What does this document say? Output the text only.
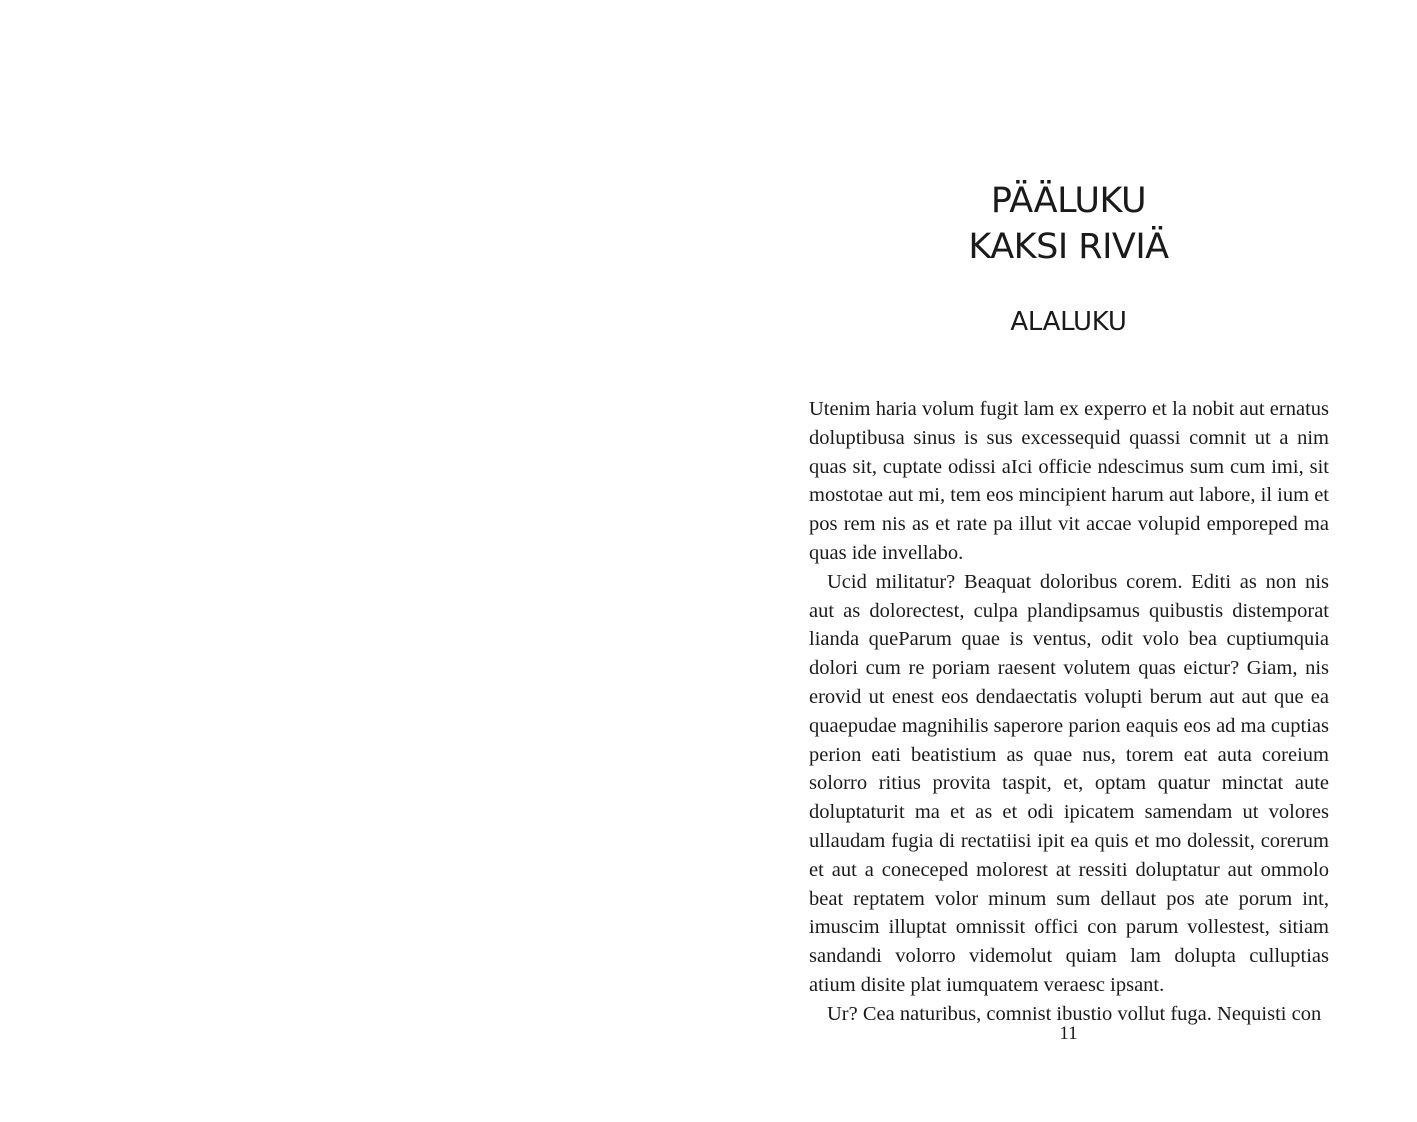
PÄÄLUKU
KAKSI RIVIÄ
ALALUKU

Utenim haria volum fugit lam ex experro et la nobit aut ernatus doluptibusa sinus is sus excessequid quassi comnit ut a nim quas sit, cuptate odissi aIci officie ndescimus sum cum imi, sit mostotae aut mi, tem eos mincipient harum aut labore, il ium et pos rem nis as et rate pa illut vit accae volupid emporeped ma quas ide invellabo.

Ucid militatur? Beaquat doloribus corem. Editi as non nis aut as dolorectest, culpa plandipsamus quibustis distemporat lianda queParum quae is ventus, odit volo bea cuptiumquia dolori cum re poriam raesent volutem quas eictur? Giam, nis erovid ut enest eos dendaectatis volupti berum aut aut que ea quaepudae magnihilis saperore parion eaquis eos ad ma cuptias perion eati beatistium as quae nus, torem eat auta coreium solorro ritius provita taspit, et, optam quatur minctat aute doluptaturit ma et as et odi ipicatem samendam ut volores ullaudam fugia di rectatiisi ipit ea quis et mo dolessit, corerum et aut a coneceped molorest at ressiti doluptatur aut ommolo beat reptatem volor minum sum dellaut pos ate porum int, imuscim illuptat omnissit offici con parum vollestest, sitiam sandandi volorro videmolut quiam lam dolupta culluptias atium disite plat iumquatem veraesc ipsant.

Ur? Cea naturibus, comnist ibustio vollut fuga. Nequisti con

11
